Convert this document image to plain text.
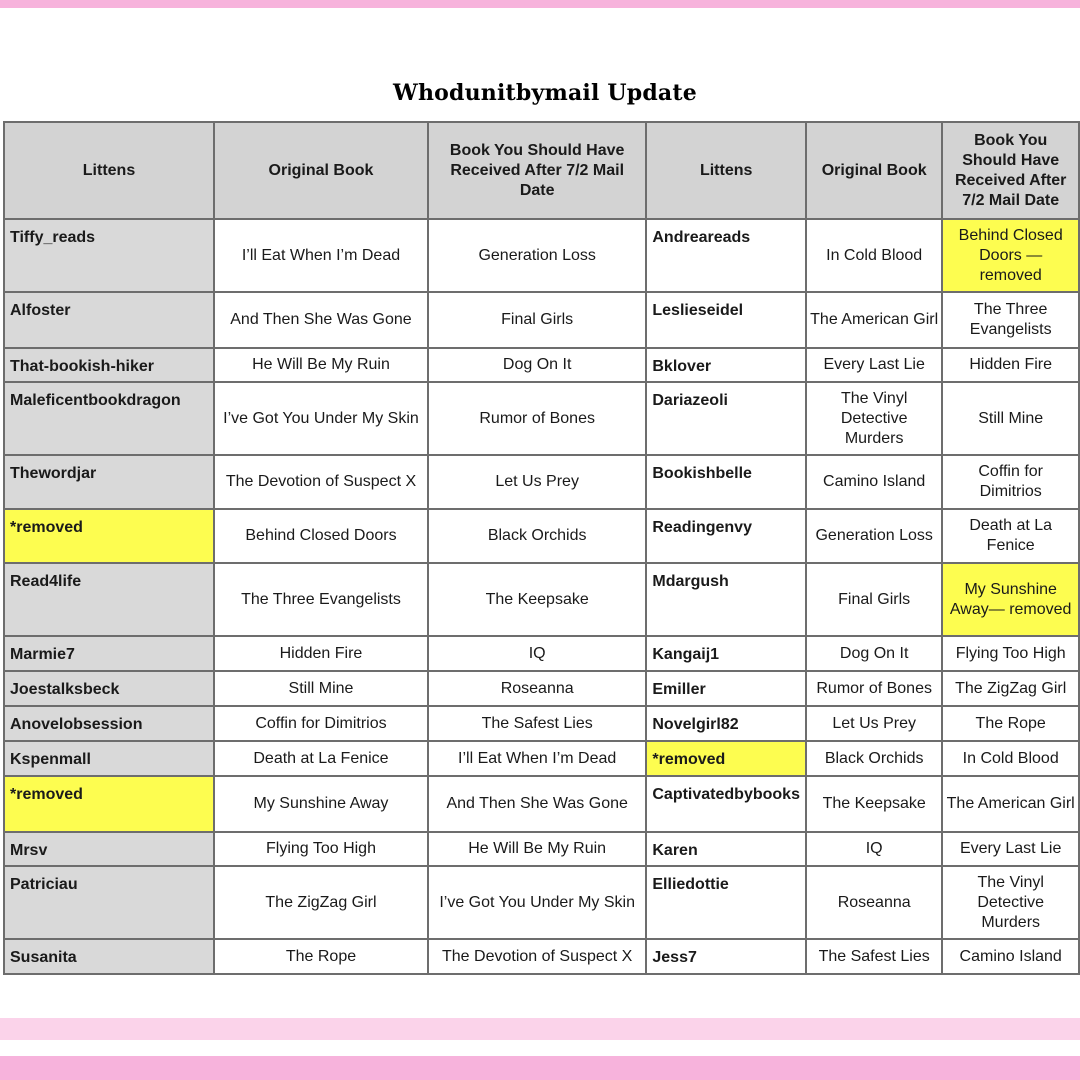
Whodunitbymail Update
Littens	Original Book	Book You Should Have Received After 7/2 Mail Date	Littens	Original Book	Book You Should Have Received After 7/2 Mail Date
Tiffy_reads	I’ll Eat When I’m Dead	Generation Loss	Andreareads	In Cold Blood	Behind Closed Doors — removed
Alfoster	And Then She Was Gone	Final Girls	Leslieseidel	The American Girl	The Three Evangelists
That-bookish-hiker	He Will Be My Ruin	Dog On It	Bklover	Every Last Lie	Hidden Fire
Maleficentbookdragon	I’ve Got You Under My Skin	Rumor of Bones	Dariazeoli	The Vinyl Detective Murders	Still Mine
Thewordjar	The Devotion of Suspect X	Let Us Prey	Bookishbelle	Camino Island	Coffin for Dimitrios
*removed	Behind Closed Doors	Black Orchids	Readingenvy	Generation Loss	Death at La Fenice
Read4life	The Three Evangelists	The Keepsake	Mdargush	Final Girls	My Sunshine Away— removed
Marmie7	Hidden Fire	IQ	Kangaij1	Dog On It	Flying Too High
Joestalksbeck	Still Mine	Roseanna	Emiller	Rumor of Bones	The ZigZag Girl
Anovelobsession	Coffin for Dimitrios	The Safest Lies	Novelgirl82	Let Us Prey	The Rope
Kspenmall	Death at La Fenice	I’ll Eat When I’m Dead	*removed	Black Orchids	In Cold Blood
*removed	My Sunshine Away	And Then She Was Gone	Captivatedbybooks	The Keepsake	The American Girl
Mrsv	Flying Too High	He Will Be My Ruin	Karen	IQ	Every Last Lie
Patriciau	The ZigZag Girl	I’ve Got You Under My Skin	Elliedottie	Roseanna	The Vinyl Detective Murders
Susanita	The Rope	The Devotion of Suspect X	Jess7	The Safest Lies	Camino Island
